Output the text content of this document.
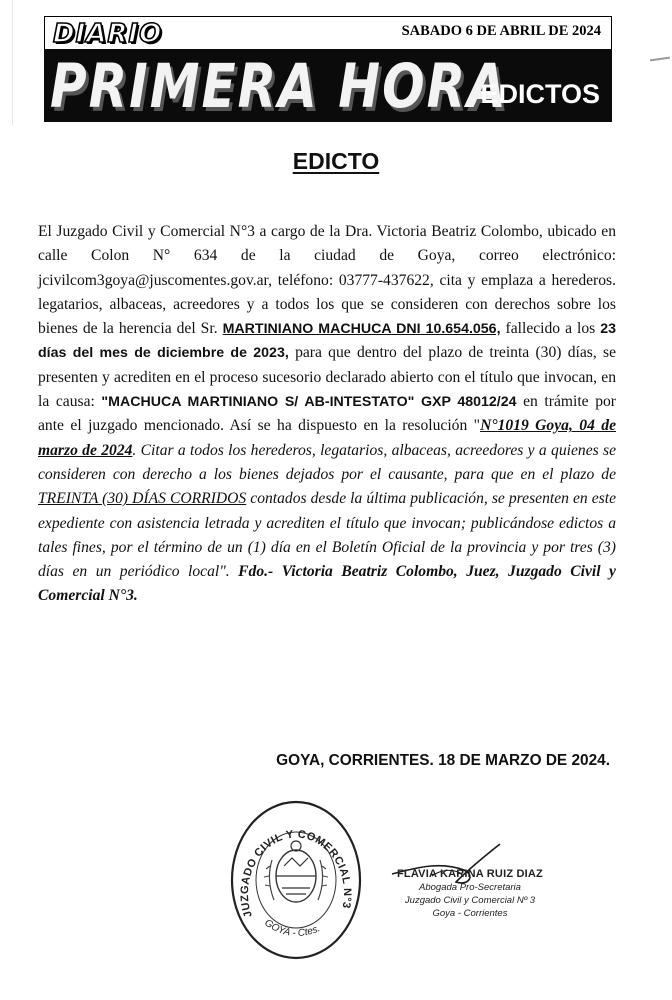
DIARIO	SABADO 6 DE ABRIL DE 2024
PRIMERA HORA
EDICTOS
EDICTO

El Juzgado Civil y Comercial N°3 a cargo de la Dra. Victoria Beatriz Colombo, ubicado en calle Colon N° 634 de la ciudad de Goya, correo electrónico: jcivilcom3goya@juscomentes.gov.ar, teléfono: 03777-437622, cita y emplaza a herederos. legatarios, albaceas, acreedores y a todos los que se consideren con derechos sobre los bienes de la herencia del Sr. MARTINIANO MACHUCA DNI 10.654.056, fallecido a los 23 días del mes de diciembre de 2023, para que dentro del plazo de treinta (30) días, se presenten y acrediten en el proceso sucesorio declarado abierto con el título que invocan, en la causa: "MACHUCA MARTINIANO S/ AB-INTESTATO" GXP 48012/24 en trámite por ante el juzgado mencionado. Así se ha dispuesto en la resolución "N°1019 Goya, 04 de marzo de 2024. Citar a todos los herederos, legatarios, albaceas, acreedores y a quienes se consideren con derecho a los bienes dejados por el causante, para que en el plazo de TREINTA (30) DÍAS CORRIDOS contados desde la última publicación, se presenten en este expediente con asistencia letrada y acrediten el título que invocan; publicándose edictos a tales fines, por el término de un (1) día en el Boletín Oficial de la provincia y por tres (3) días en un periódico local". Fdo.- Victoria Beatriz Colombo, Juez, Juzgado Civil y Comercial N°3.

GOYA, CORRIENTES. 18 DE MARZO DE 2024.
JUZGADO CIVIL Y COMERCIAL N°3
GOYA - Ctes.
FLAVIA KARINA RUIZ DIAZ
Abogada Pro-Secretaria
Juzgado Civil y Comercial Nº 3
Goya - Corrientes
